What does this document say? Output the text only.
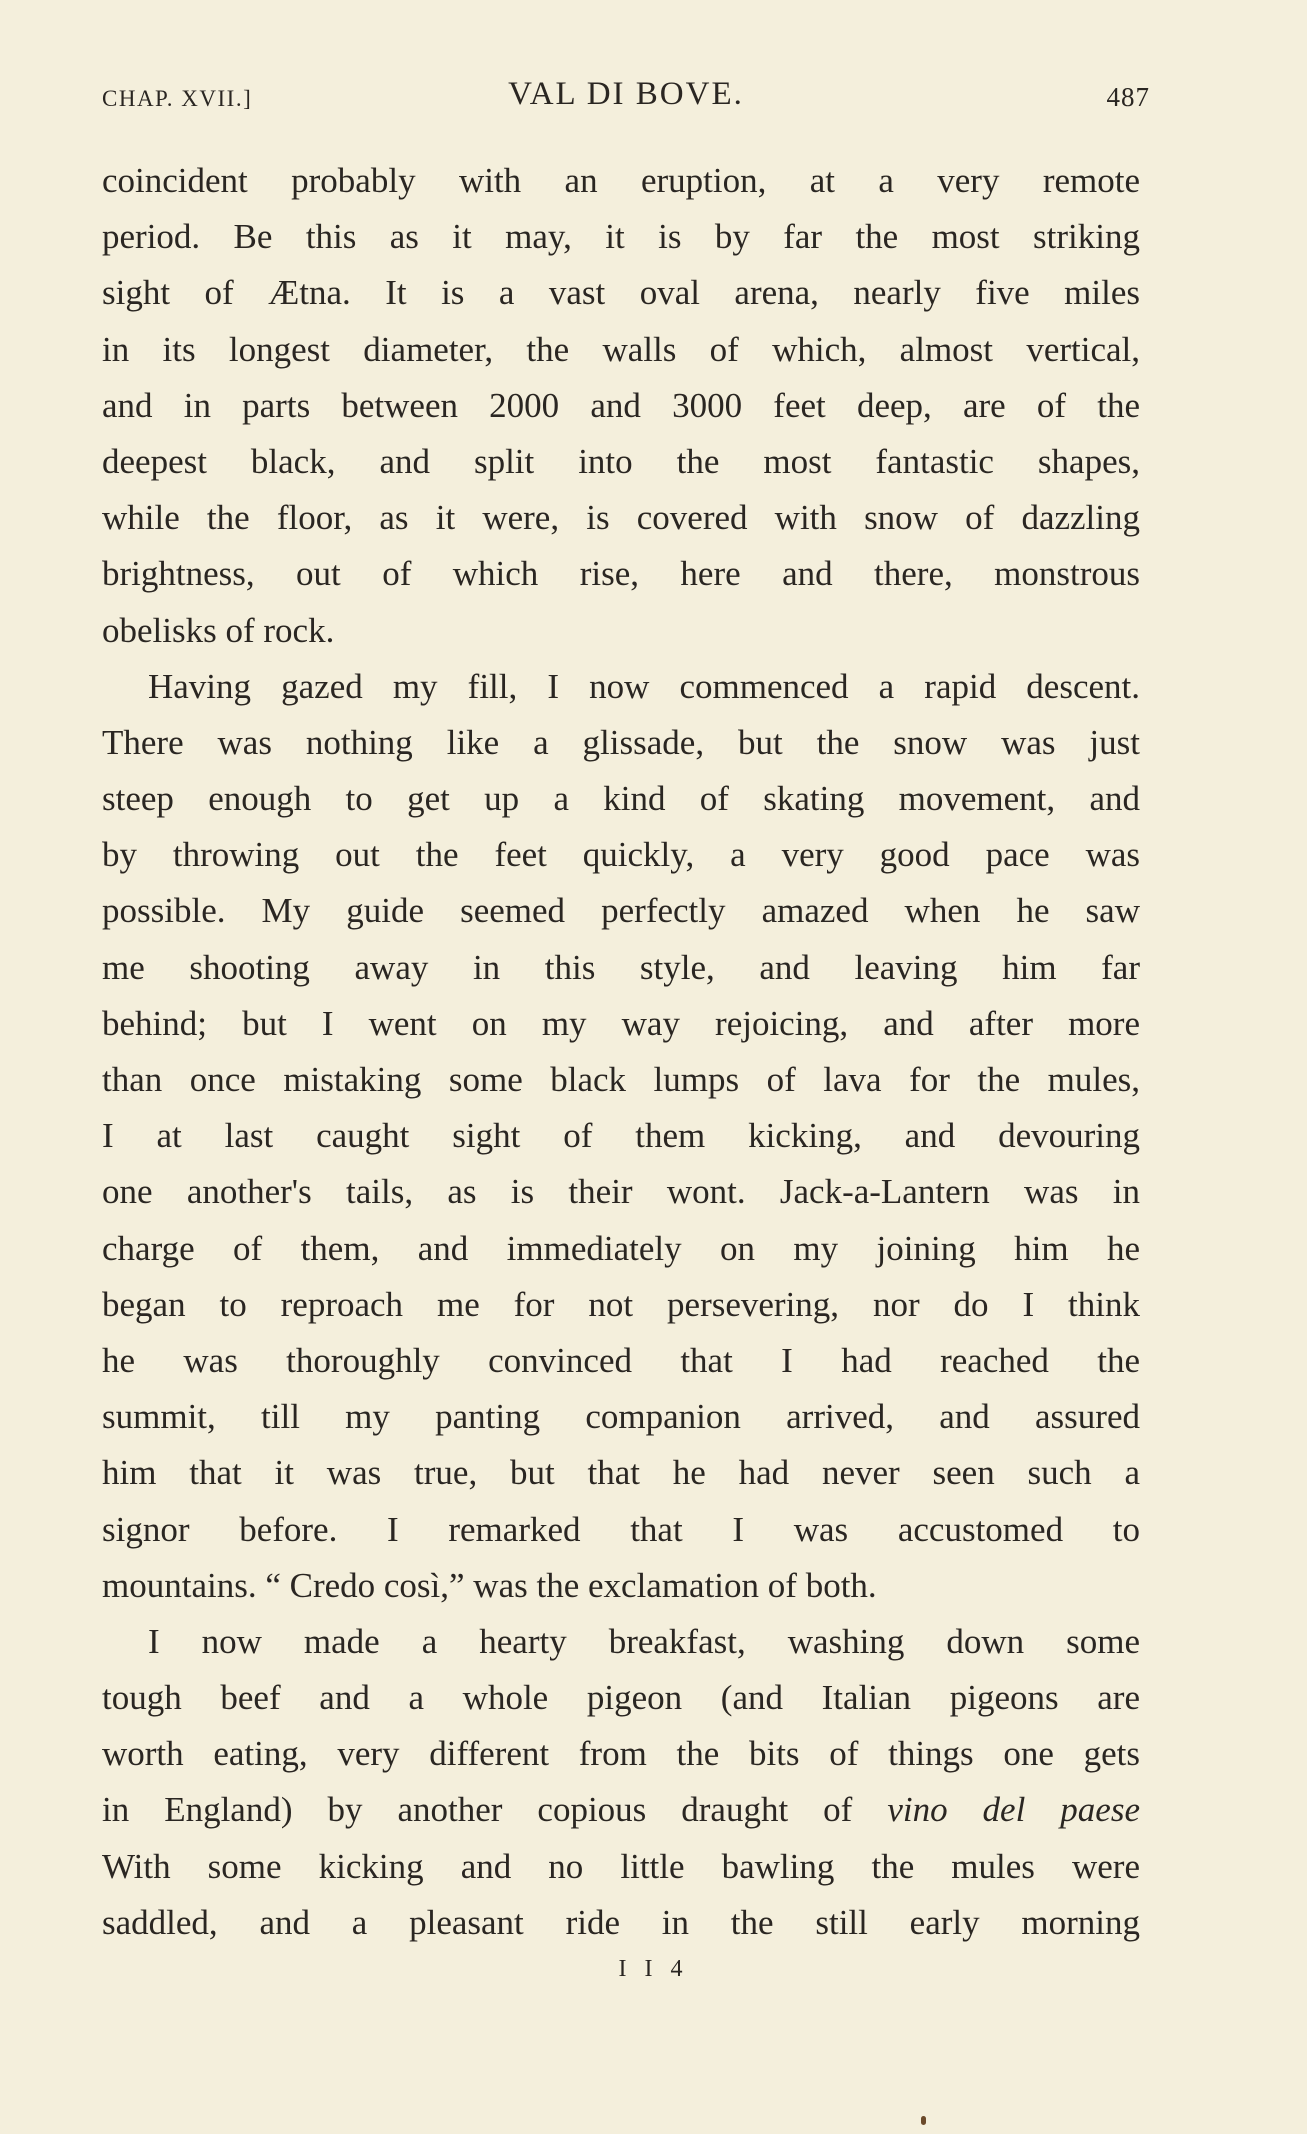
CHAP. XVII.]	VAL DI BOVE.	487
coincident probably with an eruption, at a very remote
period. Be this as it may, it is by far the most striking
sight of Ætna. It is a vast oval arena, nearly five miles
in its longest diameter, the walls of which, almost vertical,
and in parts between 2000 and 3000 feet deep, are of the
deepest black, and split into the most fantastic shapes,
while the floor, as it were, is covered with snow of dazzling
brightness, out of which rise, here and there, monstrous
obelisks of rock.
Having gazed my fill, I now commenced a rapid descent.
There was nothing like a glissade, but the snow was just
steep enough to get up a kind of skating movement, and
by throwing out the feet quickly, a very good pace was
possible. My guide seemed perfectly amazed when he saw
me shooting away in this style, and leaving him far
behind; but I went on my way rejoicing, and after more
than once mistaking some black lumps of lava for the mules,
I at last caught sight of them kicking, and devouring
one another's tails, as is their wont. Jack-a-Lantern was in
charge of them, and immediately on my joining him he
began to reproach me for not persevering, nor do I think
he was thoroughly convinced that I had reached the
summit, till my panting companion arrived, and assured
him that it was true, but that he had never seen such a
signor before. I remarked that I was accustomed to
mountains. “ Credo così,” was the exclamation of both.
I now made a hearty breakfast, washing down some
tough beef and a whole pigeon (and Italian pigeons are
worth eating, very different from the bits of things one gets
in England) by another copious draught of vino del paese
With some kicking and no little bawling the mules were
saddled, and a pleasant ride in the still early morning
I I 4
